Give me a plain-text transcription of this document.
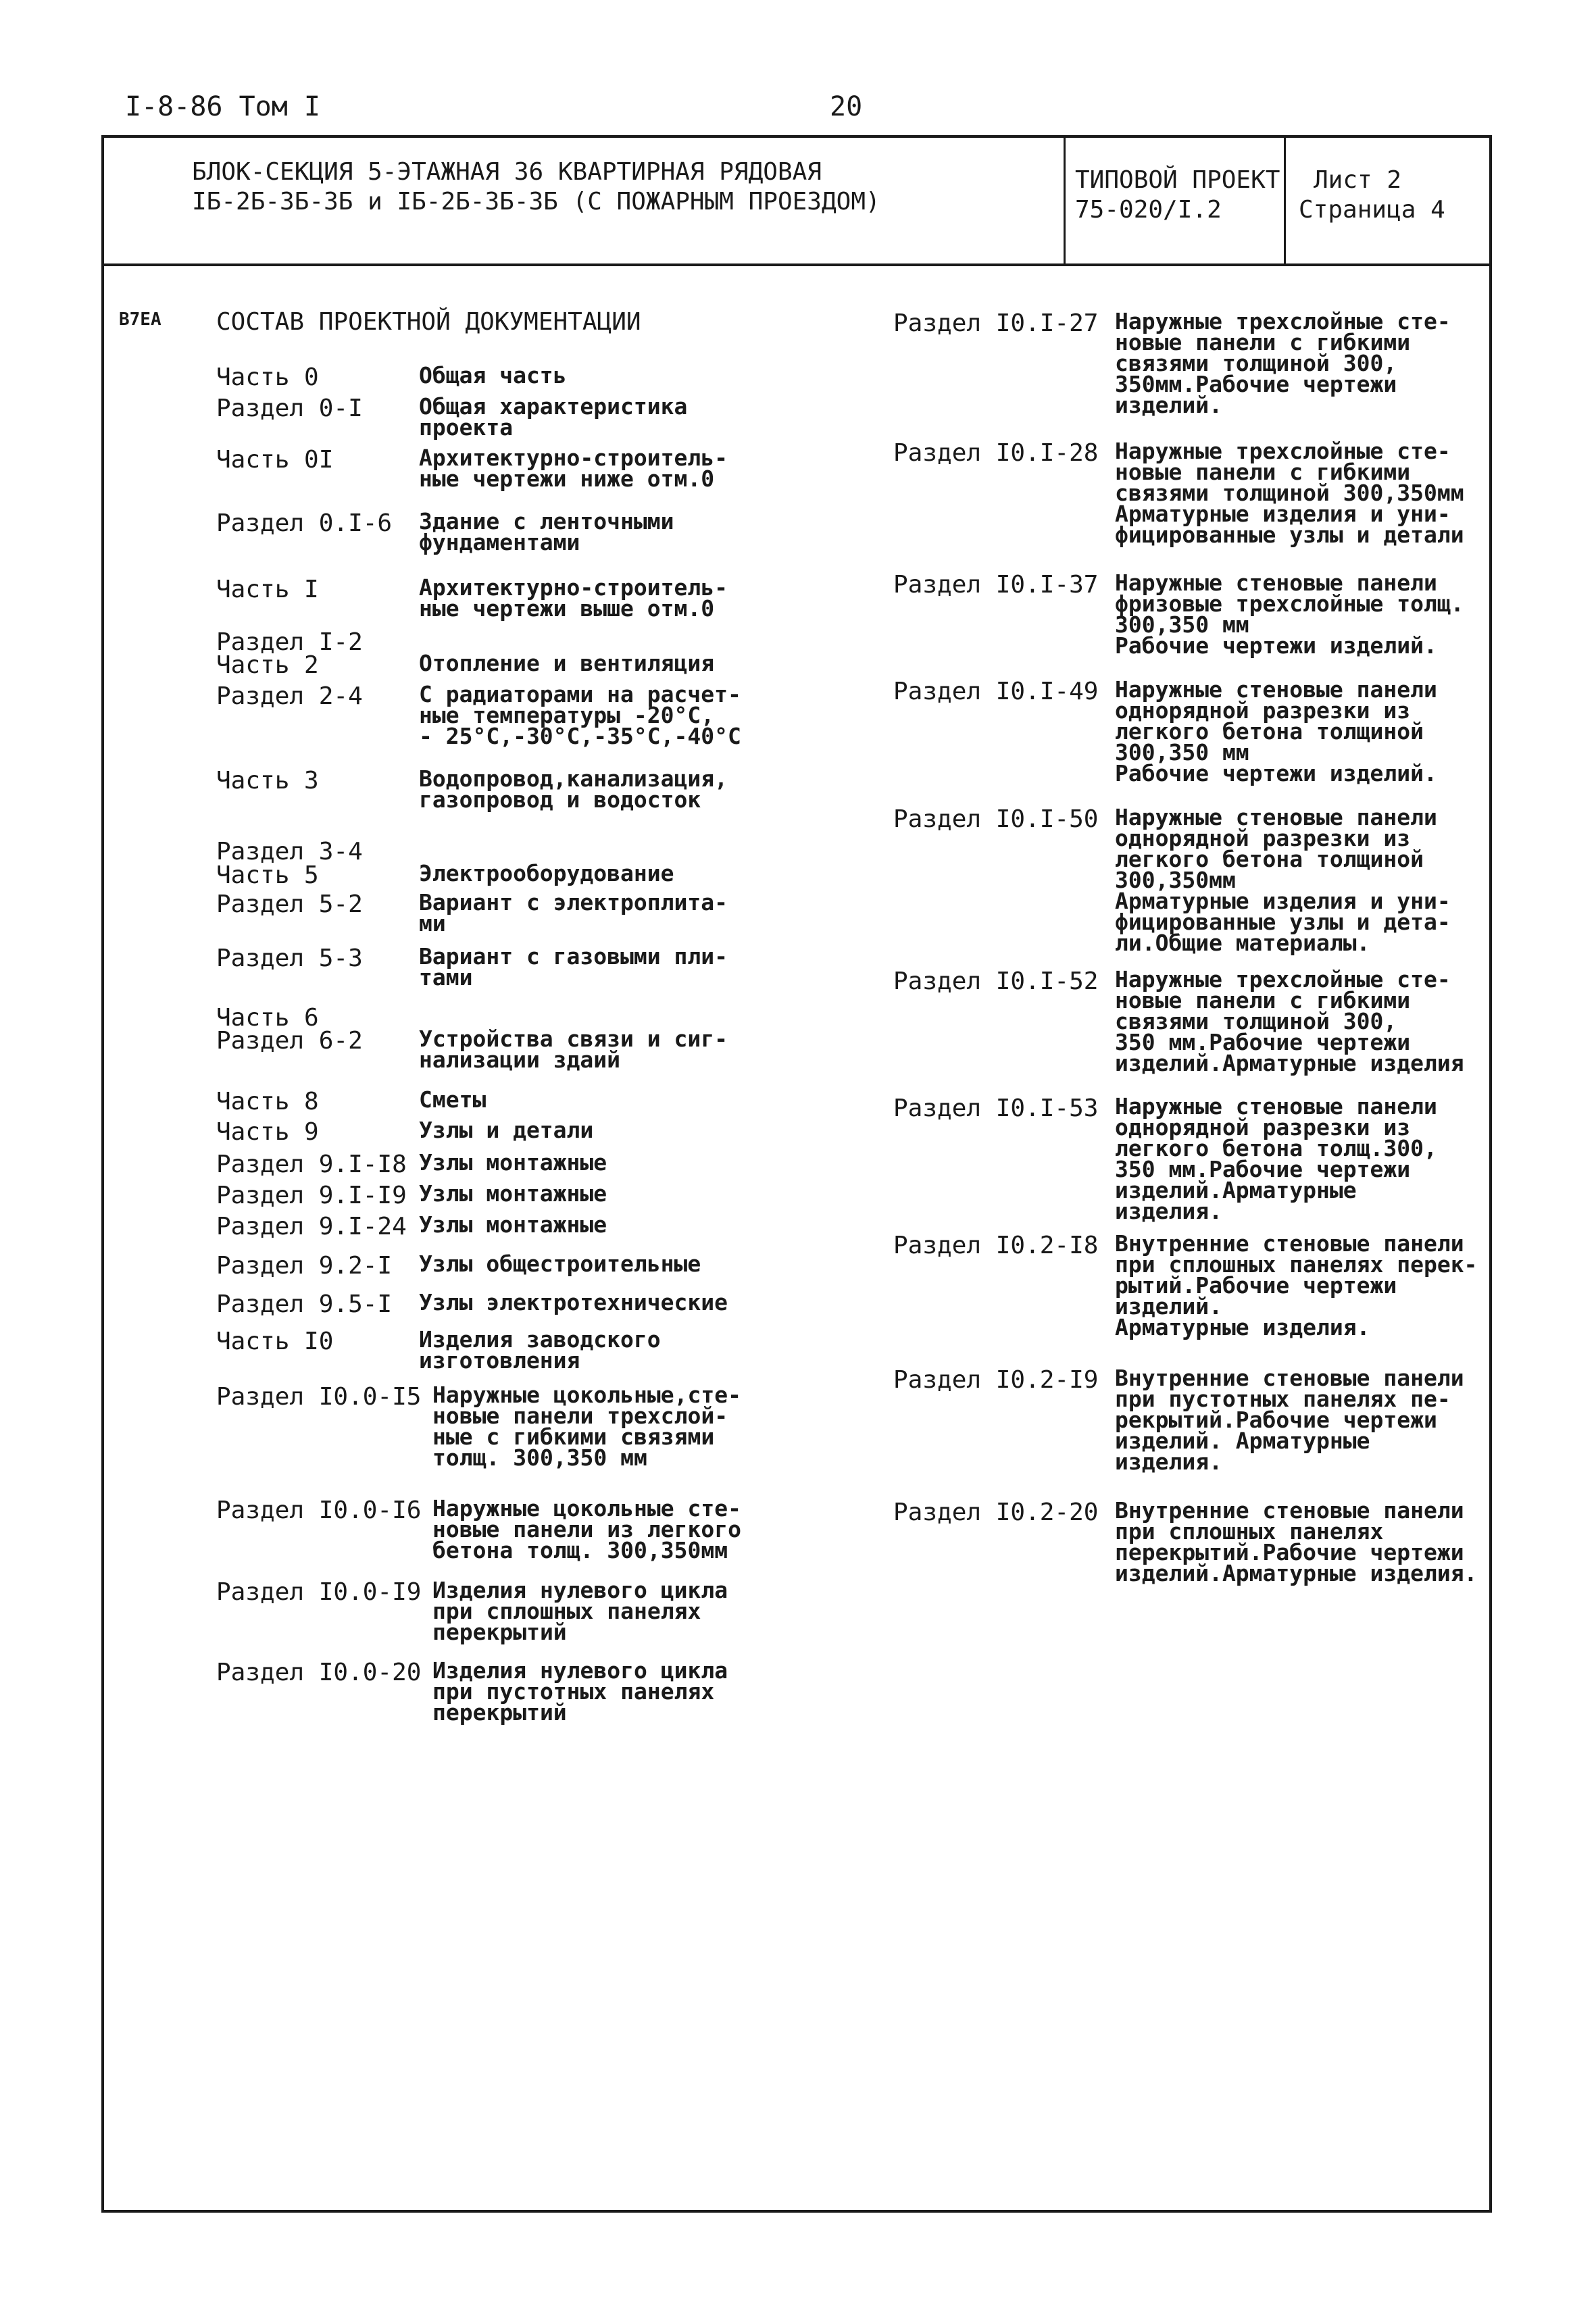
I-8-86 Том I	20
БЛОК-СЕКЦИЯ 5-ЭТАЖНАЯ 36 КВАРТИРНАЯ РЯДОВАЯ
IБ-2Б-3Б-3Б и IБ-2Б-3Б-3Б (С ПОЖАРНЫМ ПРОЕЗДОМ)
ТИПОВОЙ ПРОЕКТ
75-020/I.2
Лист 2
Страница 4
В7ЕА СОСТАВ ПРОЕКТНОЙ ДОКУМЕНТАЦИИ
Часть 0	Общая часть
Раздел 0-I	Общая характеристика
проекта
Часть 0I	Архитектурно-строитель-
ные чертежи ниже отм.0
Раздел 0.I-6 Здание с ленточными
фундаментами
Часть I	Архитектурно-строитель-
ные чертежи выше отм.0
Раздел I-2
Часть 2	Отопление и вентиляция
Раздел 2-4	С радиаторами на расчет-
ные температуры -20°С,
- 25°С,-30°С,-35°С,-40°С
Часть 3	Водопровод,канализация,
газопровод и водосток
Раздел 3-4
Часть 5	Электрооборудование
Раздел 5-2	Вариант с электроплита-
ми
Раздел 5-3	Вариант с газовыми пли-
тами
Часть 6
Раздел 6-2	Устройства связи и сиг-
нализации здаий
Часть 8	Сметы
Часть 9	Узлы и детали
Раздел 9.I-I8 Узлы монтажные
Раздел 9.I-I9 Узлы монтажные
Раздел 9.I-24 Узлы монтажные
Раздел 9.2-I Узлы общестроительные
Раздел 9.5-I Узлы электротехнические
Часть I0	Изделия заводского
изготовления
Раздел I0.0-I5 Наружные цокольные,сте-
новые панели трехслой-
ные с гибкими связями
толщ. 300,350 мм
Раздел I0.0-I6 Наружные цокольные сте-
новые панели из легкого
бетона толщ. 300,350мм
Раздел I0.0-I9 Изделия нулевого цикла
при сплошных панелях
перекрытий
Раздел I0.0-20 Изделия нулевого цикла
при пустотных панелях
перекрытий
Раздел I0.I-27 Наружные трехслойные сте-
новые панели с гибкими
связями толщиной 300,
350мм.Рабочие чертежи
изделий.
Раздел I0.I-28 Наружные трехслойные сте-
новые панели с гибкими
связями толщиной 300,350мм
Арматурные изделия и уни-
фицированные узлы и детали
Раздел I0.I-37 Наружные стеновые панели
фризовые трехслойные толщ.
300,350 мм
Рабочие чертежи изделий.
Раздел I0.I-49 Наружные стеновые панели
однорядной разрезки из
легкого бетона толщиной
300,350 мм
Рабочие чертежи изделий.
Раздел I0.I-50 Наружные стеновые панели
однорядной разрезки из
легкого бетона толщиной
300,350мм
Арматурные изделия и уни-
фицированные узлы и дета-
ли.Общие материалы.
Раздел I0.I-52 Наружные трехслойные сте-
новые панели с гибкими
связями толщиной 300,
350 мм.Рабочие чертежи
изделий.Арматурные изделия
Раздел I0.I-53 Наружные стеновые панели
однорядной разрезки из
легкого бетона толщ.300,
350 мм.Рабочие чертежи
изделий.Арматурные
изделия.
Раздел I0.2-I8 Внутренние стеновые панели
при сплошных панелях перек-
рытий.Рабочие чертежи
изделий.
Арматурные изделия.
Раздел I0.2-I9 Внутренние стеновые панели
при пустотных панелях пе-
рекрытий.Рабочие чертежи
изделий. Арматурные
изделия.
Раздел I0.2-20 Внутренние стеновые панели
при сплошных панелях
перекрытий.Рабочие чертежи
изделий.Арматурные изделия.
